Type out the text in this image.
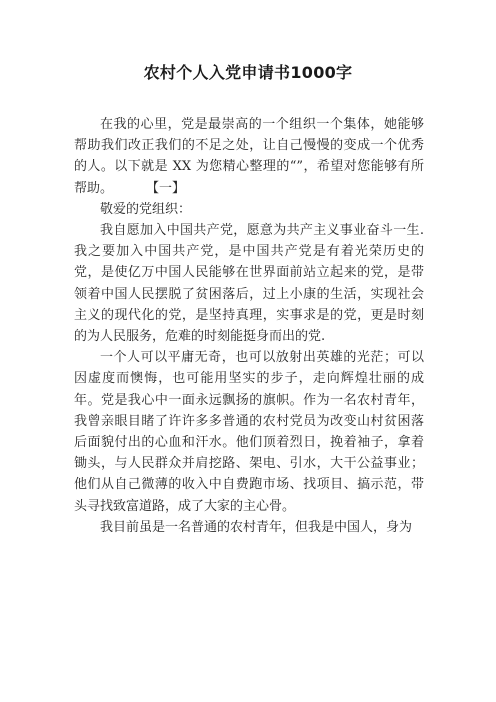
农村个人入党申请书1000字

在我的心里，党是最崇高的一个组织一个集体，她能够帮助我们改正我们的不足之处，让自己慢慢的变成一个优秀的人。以下就是 XX 为您精心整理的“”，希望对您能够有所帮助。        【一】

敬爱的党组织：

我自愿加入中国共产党，愿意为共产主义事业奋斗一生.我之要加入中国共产党，是中国共产党是有着光荣历史的党，是使亿万中国人民能够在世界面前站立起来的党，是带领着中国人民摆脱了贫困落后，过上小康的生活，实现社会主义的现代化的党，是坚持真理，实事求是的党，更是时刻的为人民服务，危难的时刻能挺身而出的党.

一个人可以平庸无奇，也可以放射出英雄的光茫；可以因虚度而懊悔，也可能用坚实的步子，走向辉煌壮丽的成年。党是我心中一面永远飘扬的旗帜。作为一名农村青年，我曾亲眼目睹了许许多多普通的农村党员为改变山村贫困落后面貌付出的心血和汗水。他们顶着烈日，挽着袖子，拿着锄头，与人民群众并肩挖路、架电、引水，大干公益事业；他们从自己微薄的收入中自费跑市场、找项目、搞示范，带头寻找致富道路，成了大家的主心骨。

我目前虽是一名普通的农村青年，但我是中国人，身为
